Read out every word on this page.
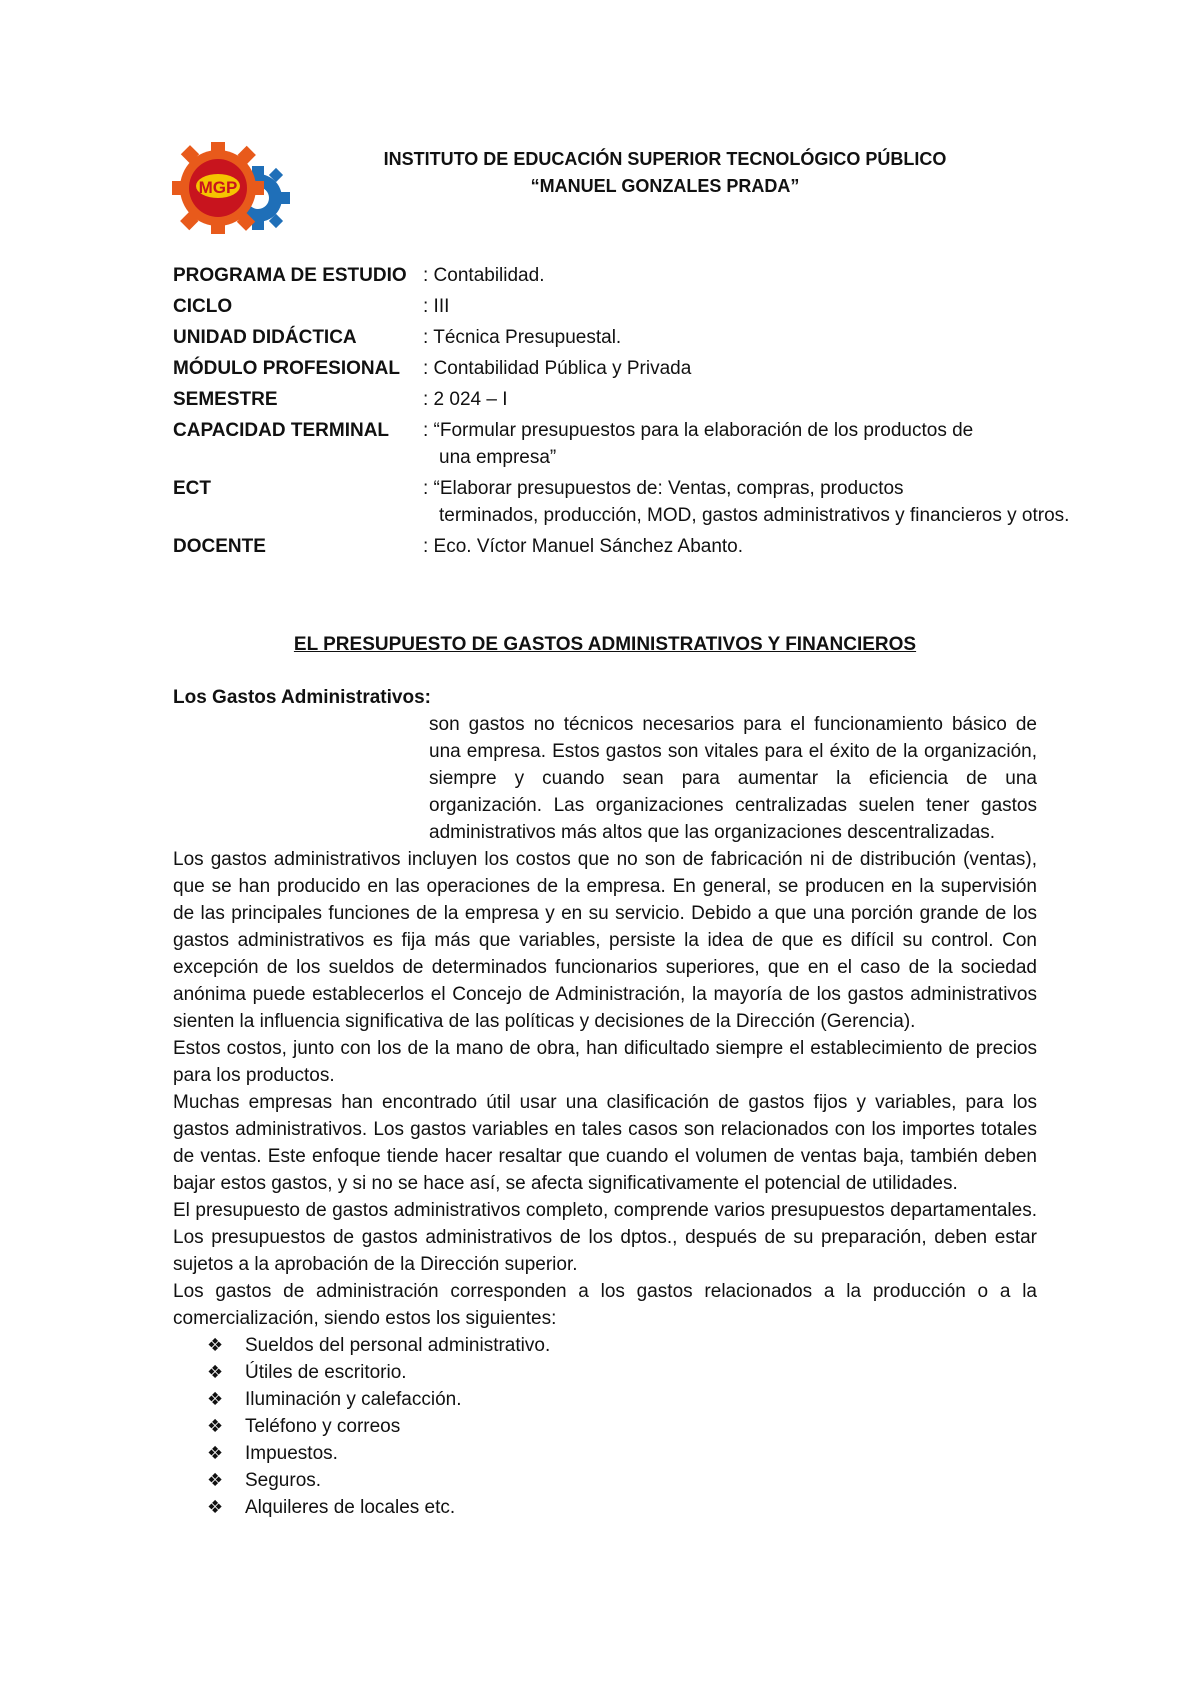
MGP
INSTITUTO DE EDUCACIÓN SUPERIOR TECNOLÓGICO PÚBLICO
“MANUEL GONZALES PRADA”
PROGRAMA DE ESTUDIO : Contabilidad.
CICLO	: III
UNIDAD DIDÁCTICA	: Técnica Presupuestal.
MÓDULO PROFESIONAL	: Contabilidad Pública y Privada
SEMESTRE	: 2 024 – I
CAPACIDAD TERMINAL	: “Formular presupuestos para la elaboración de los productos de
una empresa”
ECT	: “Elaborar presupuestos de: Ventas, compras, productos
terminados, producción, MOD, gastos administrativos y financieros y otros.
DOCENTE	: Eco. Víctor Manuel Sánchez Abanto.
EL PRESUPUESTO DE GASTOS ADMINISTRATIVOS Y FINANCIEROS

Los Gastos Administrativos:

son gastos no técnicos necesarios para el funcionamiento básico de una empresa. Estos gastos son vitales para el éxito de la organización, siempre y cuando sean para aumentar la eficiencia de una organización. Las organizaciones centralizadas suelen tener gastos administrativos más altos que las organizaciones descentralizadas.

Los gastos administrativos incluyen los costos que no son de fabricación ni de distribución (ventas), que se han producido en las operaciones de la empresa. En general, se producen en la supervisión de las principales funciones de la empresa y en su servicio. Debido a que una porción grande de los gastos administrativos es fija más que variables, persiste la idea de que es difícil su control. Con excepción de los sueldos de determinados funcionarios superiores, que en el caso de la sociedad anónima puede establecerlos el Concejo de Administración, la mayoría de los gastos administrativos sienten la influencia significativa de las políticas y decisiones de la Dirección (Gerencia).

Estos costos, junto con los de la mano de obra, han dificultado siempre el establecimiento de precios para los productos.

Muchas empresas han encontrado útil usar una clasificación de gastos fijos y variables, para los gastos administrativos. Los gastos variables en tales casos son relacionados con los importes totales de ventas. Este enfoque tiende hacer resaltar que cuando el volumen de ventas baja, también deben bajar estos gastos, y si no se hace así, se afecta significativamente el potencial de utilidades.

El presupuesto de gastos administrativos completo, comprende varios presupuestos departamentales. Los presupuestos de gastos administrativos de los dptos., después de su preparación, deben estar sujetos a la aprobación de la Dirección superior.

Los gastos de administración corresponden a los gastos relacionados a la producción o a la comercialización, siendo estos los siguientes:

❖ Sueldos del personal administrativo.
❖ Útiles de escritorio.
❖ Iluminación y calefacción.
❖ Teléfono y correos
❖ Impuestos.
❖ Seguros.
❖ Alquileres de locales etc.
